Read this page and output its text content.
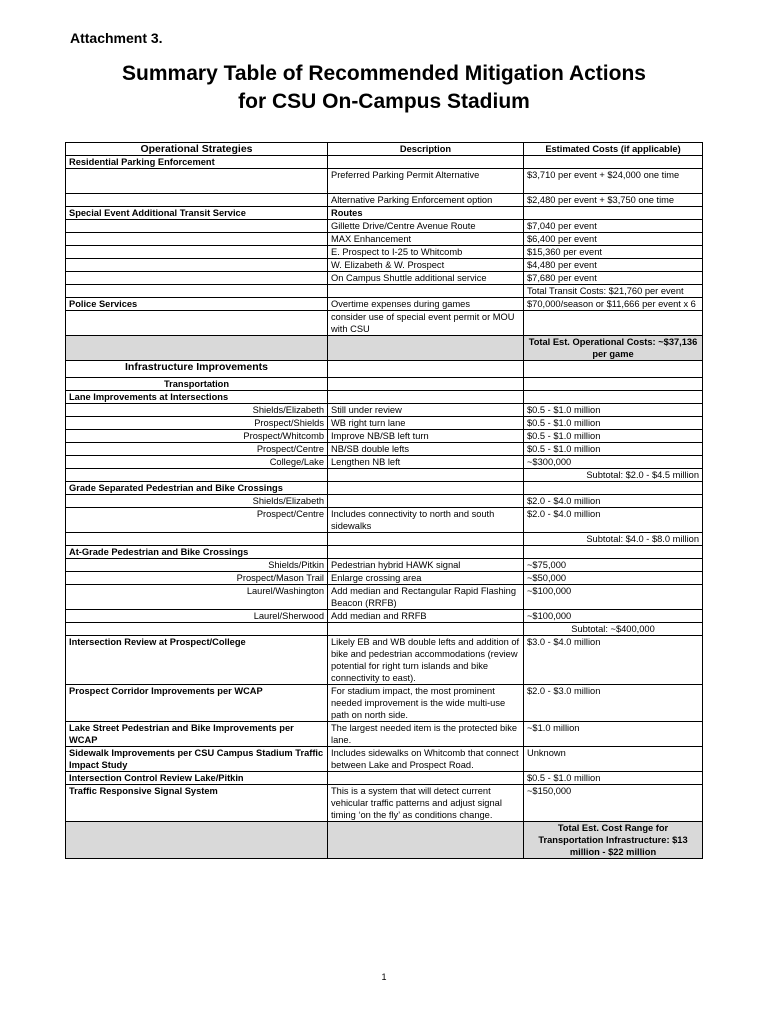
Attachment 3.
Summary Table of Recommended Mitigation Actions
for CSU On-Campus Stadium
Operational Strategies	Description	Estimated Costs (if applicable)
Residential Parking Enforcement		
	Preferred Parking Permit Alternative	$3,710 per event + $24,000 one time
	Alternative Parking Enforcement option	$2,480 per event + $3,750 one time
Special Event Additional Transit Service	Routes	
	Gillette Drive/Centre Avenue Route	$7,040 per event
	MAX Enhancement	$6,400 per event
	E. Prospect to I-25 to Whitcomb	$15,360 per event
	W. Elizabeth & W. Prospect	$4,480 per event
	On Campus Shuttle additional service	$7,680 per event
		Total Transit Costs: $21,760 per event
Police Services	Overtime expenses during games	$70,000/season or $11,666 per event x 6
	consider use of special event permit or MOU with CSU	
		Total Est. Operational Costs: ~$37,136 per game
Infrastructure Improvements		
Transportation		
Lane Improvements at Intersections		
Shields/Elizabeth	Still under review	$0.5 - $1.0 million
Prospect/Shields	WB right turn lane	$0.5 - $1.0 million
Prospect/Whitcomb	Improve NB/SB left turn	$0.5 - $1.0 million
Prospect/Centre	NB/SB double lefts	$0.5 - $1.0 million
College/Lake	Lengthen NB left	~$300,000
		Subtotal: $2.0 - $4.5 million
Grade Separated Pedestrian and Bike Crossings		
Shields/Elizabeth		$2.0 - $4.0 million
Prospect/Centre	Includes connectivity to north and south sidewalks	$2.0 - $4.0 million
		Subtotal: $4.0 - $8.0 million
At-Grade Pedestrian and Bike Crossings		
Shields/Pitkin	Pedestrian hybrid HAWK signal	~$75,000
Prospect/Mason Trail	Enlarge crossing area	~$50,000
Laurel/Washington	Add median and Rectangular Rapid Flashing Beacon (RRFB)	~$100,000
Laurel/Sherwood	Add median and RRFB	~$100,000
		Subtotal: ~$400,000
Intersection Review at Prospect/College	Likely EB and WB double lefts and addition of bike and pedestrian accommodations (review potential for right turn islands and bike connectivity to east).	$3.0 - $4.0 million
Prospect Corridor Improvements per WCAP	For stadium impact, the most prominent needed improvement is the wide multi-use path on north side.	$2.0 - $3.0 million
Lake Street Pedestrian and Bike Improvements per WCAP	The largest needed item is the protected bike lane.	~$1.0 million
Sidewalk Improvements per CSU Campus Stadium Traffic Impact Study	Includes sidewalks on Whitcomb that connect between Lake and Prospect Road.	Unknown
Intersection Control Review Lake/Pitkin		$0.5 - $1.0 million
Traffic Responsive Signal System	This is a system that will detect current vehicular traffic patterns and adjust signal timing ‘on the fly’ as conditions change.	~$150,000
		Total Est. Cost Range for Transportation Infrastructure: $13 million - $22 million
1
